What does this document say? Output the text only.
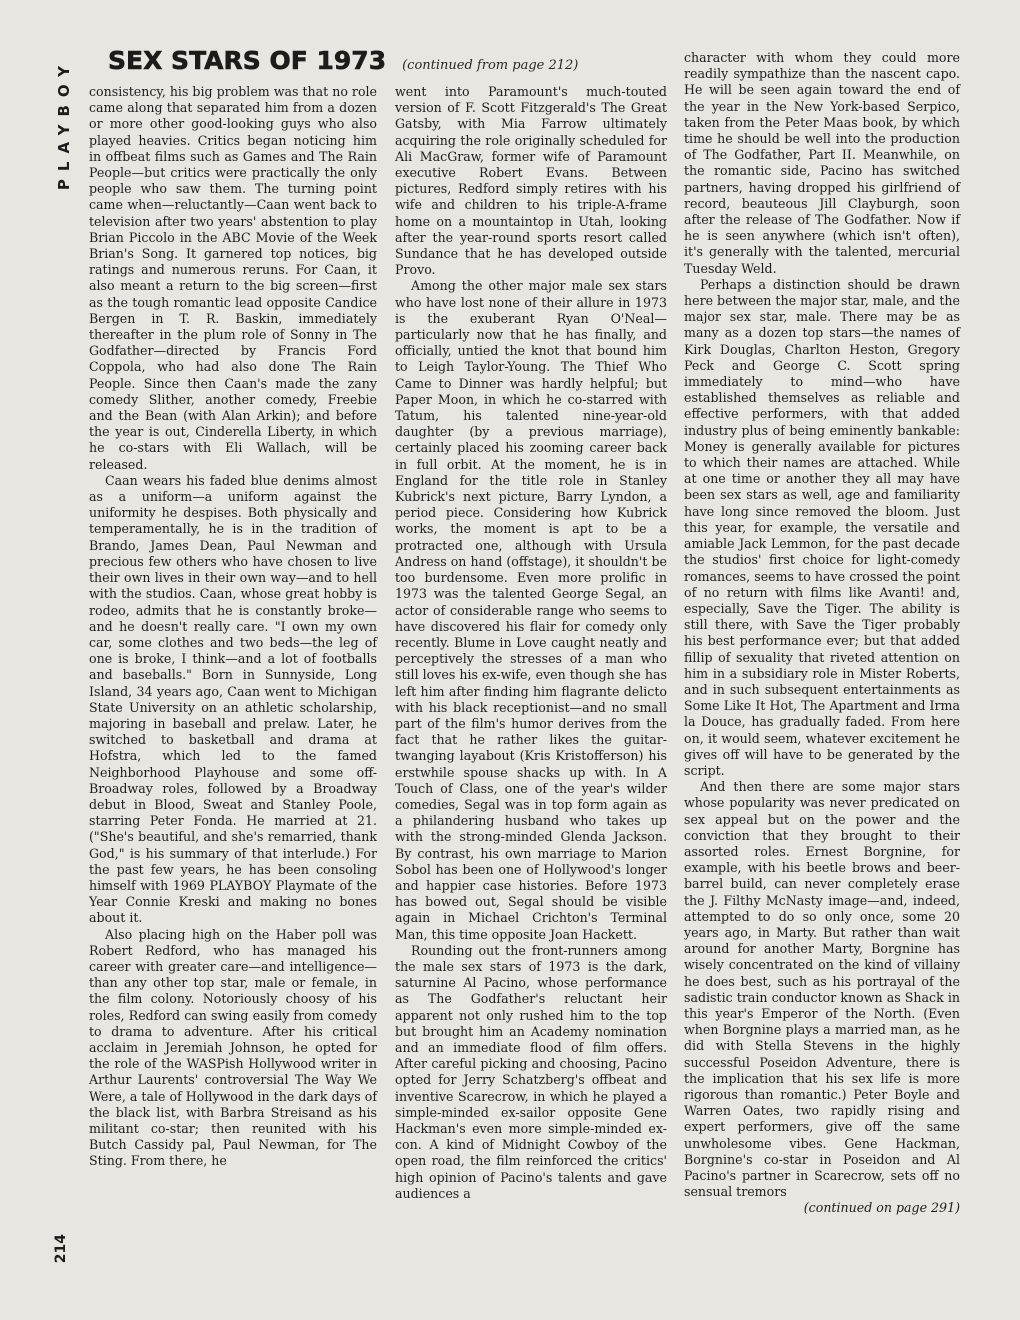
PLAYBOY SEX STARS OF 1973 (continued from page 212)

consistency, his big problem was that no role came along that separated him from a dozen or more other good-looking guys who also played heavies. Critics began noticing him in offbeat films such as Games and The Rain People—but critics were practically the only people who saw them. The turning point came when—reluctantly—Caan went back to television after two years' abstention to play Brian Piccolo in the ABC Movie of the Week Brian's Song. It garnered top notices, big ratings and numerous reruns. For Caan, it also meant a return to the big screen—first as the tough romantic lead opposite Candice Bergen in T. R. Baskin, immediately thereafter in the plum role of Sonny in The Godfather—directed by Francis Ford Coppola, who had also done The Rain People. Since then Caan's made the zany comedy Slither, another comedy, Freebie and the Bean (with Alan Arkin); and before the year is out, Cinderella Liberty, in which he co-stars with Eli Wallach, will be released.

Caan wears his faded blue denims almost as a uniform—a uniform against the uniformity he despises. Both physically and temperamentally, he is in the tradition of Brando, James Dean, Paul Newman and precious few others who have chosen to live their own lives in their own way—and to hell with the studios. Caan, whose great hobby is rodeo, admits that he is constantly broke—and he doesn't really care. "I own my own car, some clothes and two beds—the leg of one is broke, I think—and a lot of footballs and baseballs." Born in Sunnyside, Long Island, 34 years ago, Caan went to Michigan State University on an athletic scholarship, majoring in baseball and prelaw. Later, he switched to basketball and drama at Hofstra, which led to the famed Neighborhood Playhouse and some off-Broadway roles, followed by a Broadway debut in Blood, Sweat and Stanley Poole, starring Peter Fonda. He married at 21. ("She's beautiful, and she's remarried, thank God," is his summary of that interlude.) For the past few years, he has been consoling himself with 1969 PLAYBOY Playmate of the Year Connie Kreski and making no bones about it.

Also placing high on the Haber poll was Robert Redford, who has managed his career with greater care—and intelligence—than any other top star, male or female, in the film colony. Notoriously choosy of his roles, Redford can swing easily from comedy to drama to adventure. After his critical acclaim in Jeremiah Johnson, he opted for the role of the WASPish Hollywood writer in Arthur Laurents' controversial The Way We Were, a tale of Hollywood in the dark days of the black list, with Barbra Streisand as his militant co-star; then reunited with his Butch Cassidy pal, Paul Newman, for The Sting. From there, he

went into Paramount's much-touted version of F. Scott Fitzgerald's The Great Gatsby, with Mia Farrow ultimately acquiring the role originally scheduled for Ali MacGraw, former wife of Paramount executive Robert Evans. Between pictures, Redford simply retires with his wife and children to his triple-A-frame home on a mountaintop in Utah, looking after the year-round sports resort called Sundance that he has developed outside Provo.

Among the other major male sex stars who have lost none of their allure in 1973 is the exuberant Ryan O'Neal—particularly now that he has finally, and officially, untied the knot that bound him to Leigh Taylor-Young. The Thief Who Came to Dinner was hardly helpful; but Paper Moon, in which he co-starred with Tatum, his talented nine-year-old daughter (by a previous marriage), certainly placed his zooming career back in full orbit. At the moment, he is in England for the title role in Stanley Kubrick's next picture, Barry Lyndon, a period piece. Considering how Kubrick works, the moment is apt to be a protracted one, although with Ursula Andress on hand (offstage), it shouldn't be too burdensome. Even more prolific in 1973 was the talented George Segal, an actor of considerable range who seems to have discovered his flair for comedy only recently. Blume in Love caught neatly and perceptively the stresses of a man who still loves his ex-wife, even though she has left him after finding him flagrante delicto with his black receptionist—and no small part of the film's humor derives from the fact that he rather likes the guitar-twanging layabout (Kris Kristofferson) his erstwhile spouse shacks up with. In A Touch of Class, one of the year's wilder comedies, Segal was in top form again as a philandering husband who takes up with the strong-minded Glenda Jackson. By contrast, his own marriage to Marion Sobol has been one of Hollywood's longer and happier case histories. Before 1973 has bowed out, Segal should be visible again in Michael Crichton's Terminal Man, this time opposite Joan Hackett.

Rounding out the front-runners among the male sex stars of 1973 is the dark, saturnine Al Pacino, whose performance as The Godfather's reluctant heir apparent not only rushed him to the top but brought him an Academy nomination and an immediate flood of film offers. After careful picking and choosing, Pacino opted for Jerry Schatzberg's offbeat and inventive Scarecrow, in which he played a simple-minded ex-sailor opposite Gene Hackman's even more simple-minded ex-con. A kind of Midnight Cowboy of the open road, the film reinforced the critics' high opinion of Pacino's talents and gave audiences a

character with whom they could more readily sympathize than the nascent capo. He will be seen again toward the end of the year in the New York-based Serpico, taken from the Peter Maas book, by which time he should be well into the production of The Godfather, Part II. Meanwhile, on the romantic side, Pacino has switched partners, having dropped his girlfriend of record, beauteous Jill Clayburgh, soon after the release of The Godfather. Now if he is seen anywhere (which isn't often), it's generally with the talented, mercurial Tuesday Weld.

Perhaps a distinction should be drawn here between the major star, male, and the major sex star, male. There may be as many as a dozen top stars—the names of Kirk Douglas, Charlton Heston, Gregory Peck and George C. Scott spring immediately to mind—who have established themselves as reliable and effective performers, with that added industry plus of being eminently bankable: Money is generally available for pictures to which their names are attached. While at one time or another they all may have been sex stars as well, age and familiarity have long since removed the bloom. Just this year, for example, the versatile and amiable Jack Lemmon, for the past decade the studios' first choice for light-comedy romances, seems to have crossed the point of no return with films like Avanti! and, especially, Save the Tiger. The ability is still there, with Save the Tiger probably his best performance ever; but that added fillip of sexuality that riveted attention on him in a subsidiary role in Mister Roberts, and in such subsequent entertainments as Some Like It Hot, The Apartment and Irma la Douce, has gradually faded. From here on, it would seem, whatever excitement he gives off will have to be generated by the script.

And then there are some major stars whose popularity was never predicated on sex appeal but on the power and the conviction that they brought to their assorted roles. Ernest Borgnine, for example, with his beetle brows and beer-barrel build, can never completely erase the J. Filthy McNasty image—and, indeed, attempted to do so only once, some 20 years ago, in Marty. But rather than wait around for another Marty, Borgnine has wisely concentrated on the kind of villainy he does best, such as his portrayal of the sadistic train conductor known as Shack in this year's Emperor of the North. (Even when Borgnine plays a married man, as he did with Stella Stevens in the highly successful Poseidon Adventure, there is the implication that his sex life is more rigorous than romantic.) Peter Boyle and Warren Oates, two rapidly rising and expert performers, give off the same unwholesome vibes. Gene Hackman, Borgnine's co-star in Poseidon and Al Pacino's partner in Scarecrow, sets off no sensual tremors

(continued on page 291)
214
